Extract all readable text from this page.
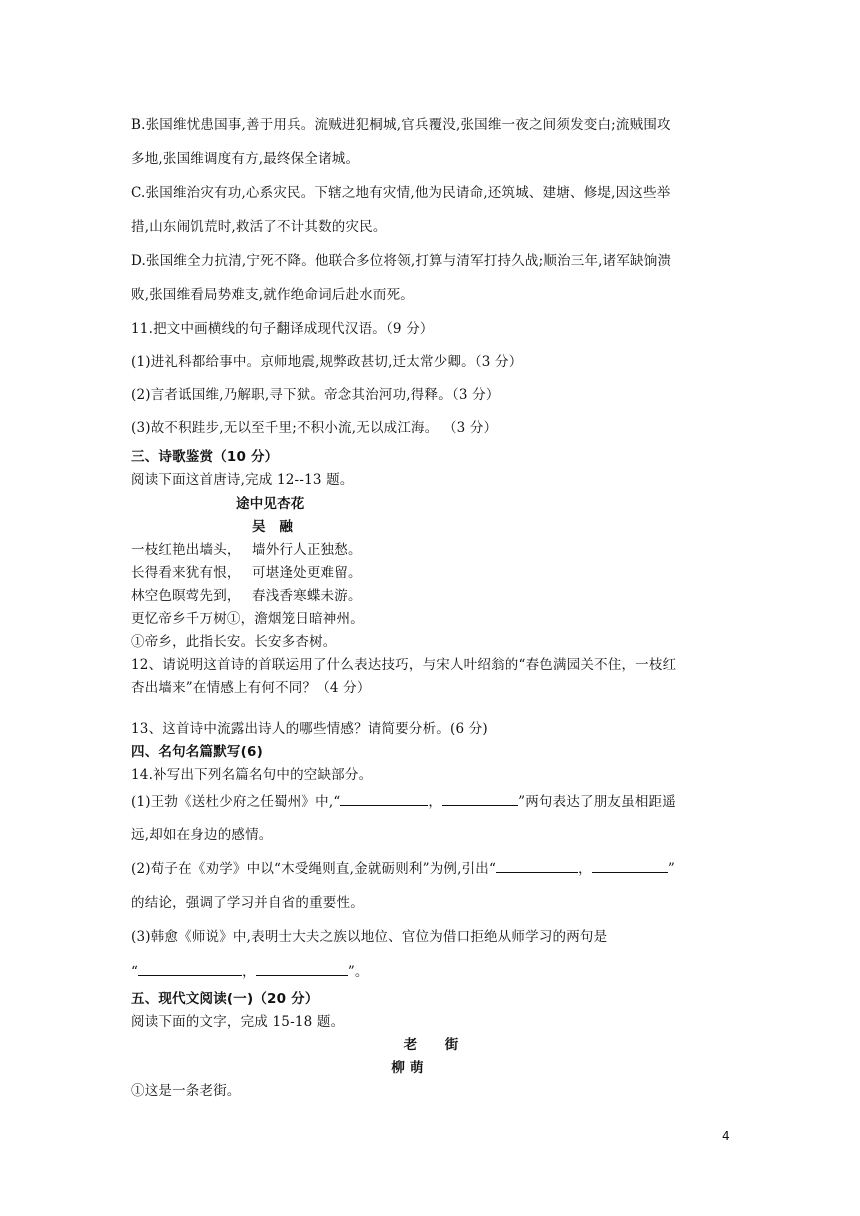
B.张国维忧患国事,善于用兵。流贼进犯桐城,官兵覆没,张国维一夜之间须发变白;流贼围攻
多地,张国维调度有方,最终保全诸城。
C.张国维治灾有功,心系灾民。下辖之地有灾情,他为民请命,还筑城、建塘、修堤,因这些举
措,山东闹饥荒时,救活了不计其数的灾民。
D.张国维全力抗清,宁死不降。他联合多位将领,打算与清军打持久战;顺治三年,诸军缺饷溃
败,张国维看局势难支,就作绝命词后赴水而死。
11.把文中画横线的句子翻译成现代汉语。（9 分）
(1)进礼科都给事中。京师地震,规弊政甚切,迁太常少卿。（3 分）
(2)言者诋国维,乃解职,寻下狱。帝念其治河功,得释。（3 分）
(3)故不积跬步,无以至千里;不积小流,无以成江海。 （3 分）
三、诗歌鉴赏（10 分）
阅读下面这首唐诗,完成 12--13 题。
途中见杏花
吴　融
一枝红艳出墙头，　 墙外行人正独愁。
长得看来犹有恨，　 可堪逢处更难留。
林空色暝莺先到，　 春浅香寒蝶未游。
更忆帝乡千万树①，澹烟笼日暗神州。
①帝乡，此指长安。长安多杏树。
12、请说明这首诗的首联运用了什么表达技巧，与宋人叶绍翁的“春色满园关不住，一枝红
杏出墙来”在情感上有何不同？（4 分）
13、这首诗中流露出诗人的哪些情感？请简要分析。(6 分)
四、名句名篇默写(6)
14.补写出下列名篇名句中的空缺部分。
(1)王勃《送杜少府之任蜀州》中,“	，	”两句表达了朋友虽相距遥
远,却如在身边的感情。
(2)荀子在《劝学》中以“木受绳则直,金就砺则利”为例,引出“	，	”
的结论，强调了学习并自省的重要性。
(3)韩愈《师说》中,表明士大夫之族以地位、官位为借口拒绝从师学习的两句是
“	，	”。
五、现代文阅读(一)（20 分）
阅读下面的文字，完成 15-18 题。
老　　街
柳 萌
①这是一条老街。
4
